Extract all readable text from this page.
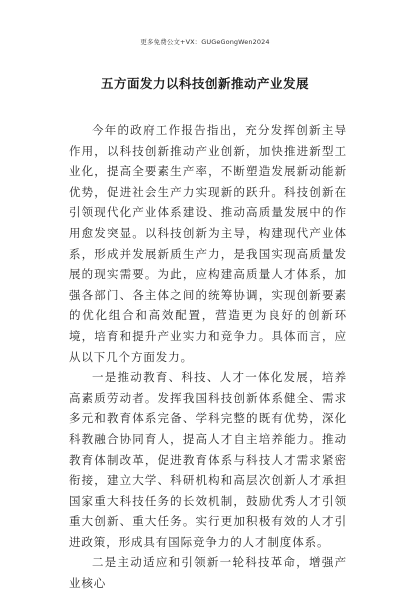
更多免费公文+VX：GUGeGongWen2024
五方面发力以科技创新推动产业发展

今年的政府工作报告指出，充分发挥创新主导作用，以科技创新推动产业创新，加快推进新型工业化，提高全要素生产率，不断塑造发展新动能新优势，促进社会生产力实现新的跃升。科技创新在引领现代化产业体系建设、推动高质量发展中的作用愈发突显。以科技创新为主导，构建现代产业体系，形成并发展新质生产力，是我国实现高质量发展的现实需要。为此，应构建高质量人才体系，加强各部门、各主体之间的统筹协调，实现创新要素的优化组合和高效配置，营造更为良好的创新环境，培育和提升产业实力和竞争力。具体而言，应从以下几个方面发力。

一是推动教育、科技、人才一体化发展，培养高素质劳动者。发挥我国科技创新体系健全、需求多元和教育体系完备、学科完整的既有优势，深化科教融合协同育人，提高人才自主培养能力。推动教育体制改革，促进教育体系与科技人才需求紧密衔接，建立大学、科研机构和高层次创新人才承担国家重大科技任务的长效机制，鼓励优秀人才引领重大创新、重大任务。实行更加积极有效的人才引进政策，形成具有国际竞争力的人才制度体系。

二是主动适应和引领新一轮科技革命，增强产业核心
